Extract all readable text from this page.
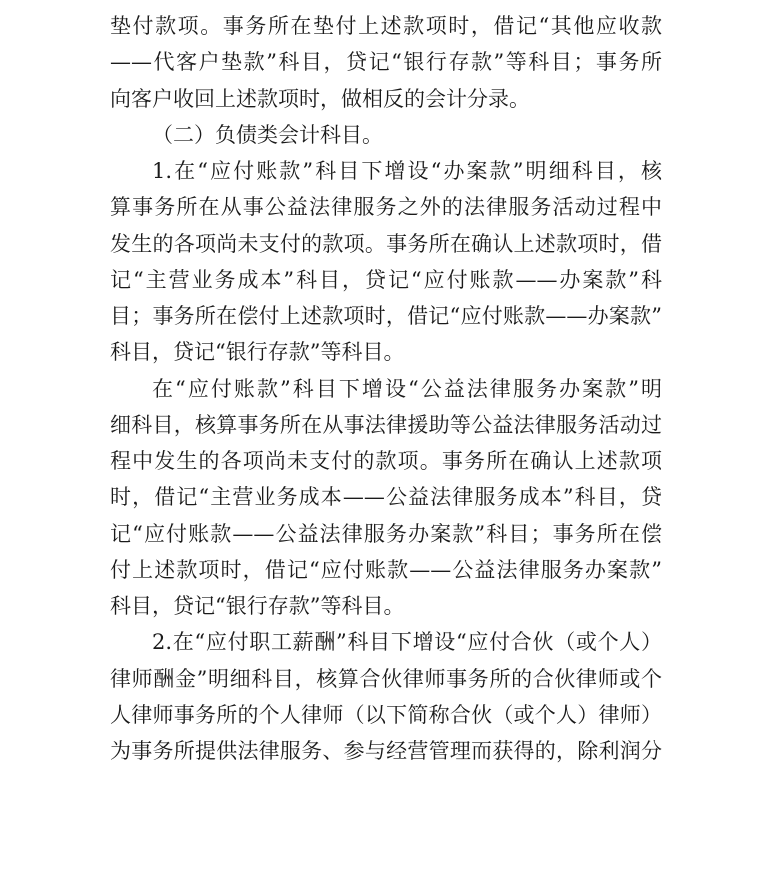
垫付款项。事务所在垫付上述款项时，借记“其他应收款
——代客户垫款”科目，贷记“银行存款”等科目；事务所
向客户收回上述款项时，做相反的会计分录。
（二）负债类会计科目。
1.在“应付账款”科目下增设“办案款”明细科目，核
算事务所在从事公益法律服务之外的法律服务活动过程中
发生的各项尚未支付的款项。事务所在确认上述款项时，借
记“主营业务成本”科目，贷记“应付账款——办案款”科
目；事务所在偿付上述款项时，借记“应付账款——办案款”
科目，贷记“银行存款”等科目。
在“应付账款”科目下增设“公益法律服务办案款”明
细科目，核算事务所在从事法律援助等公益法律服务活动过
程中发生的各项尚未支付的款项。事务所在确认上述款项
时，借记“主营业务成本——公益法律服务成本”科目，贷
记“应付账款——公益法律服务办案款”科目；事务所在偿
付上述款项时，借记“应付账款——公益法律服务办案款”
科目，贷记“银行存款”等科目。
2.在“应付职工薪酬”科目下增设“应付合伙（或个人）
律师酬金”明细科目，核算合伙律师事务所的合伙律师或个
人律师事务所的个人律师（以下简称合伙（或个人）律师）
为事务所提供法律服务、参与经营管理而获得的，除利润分
